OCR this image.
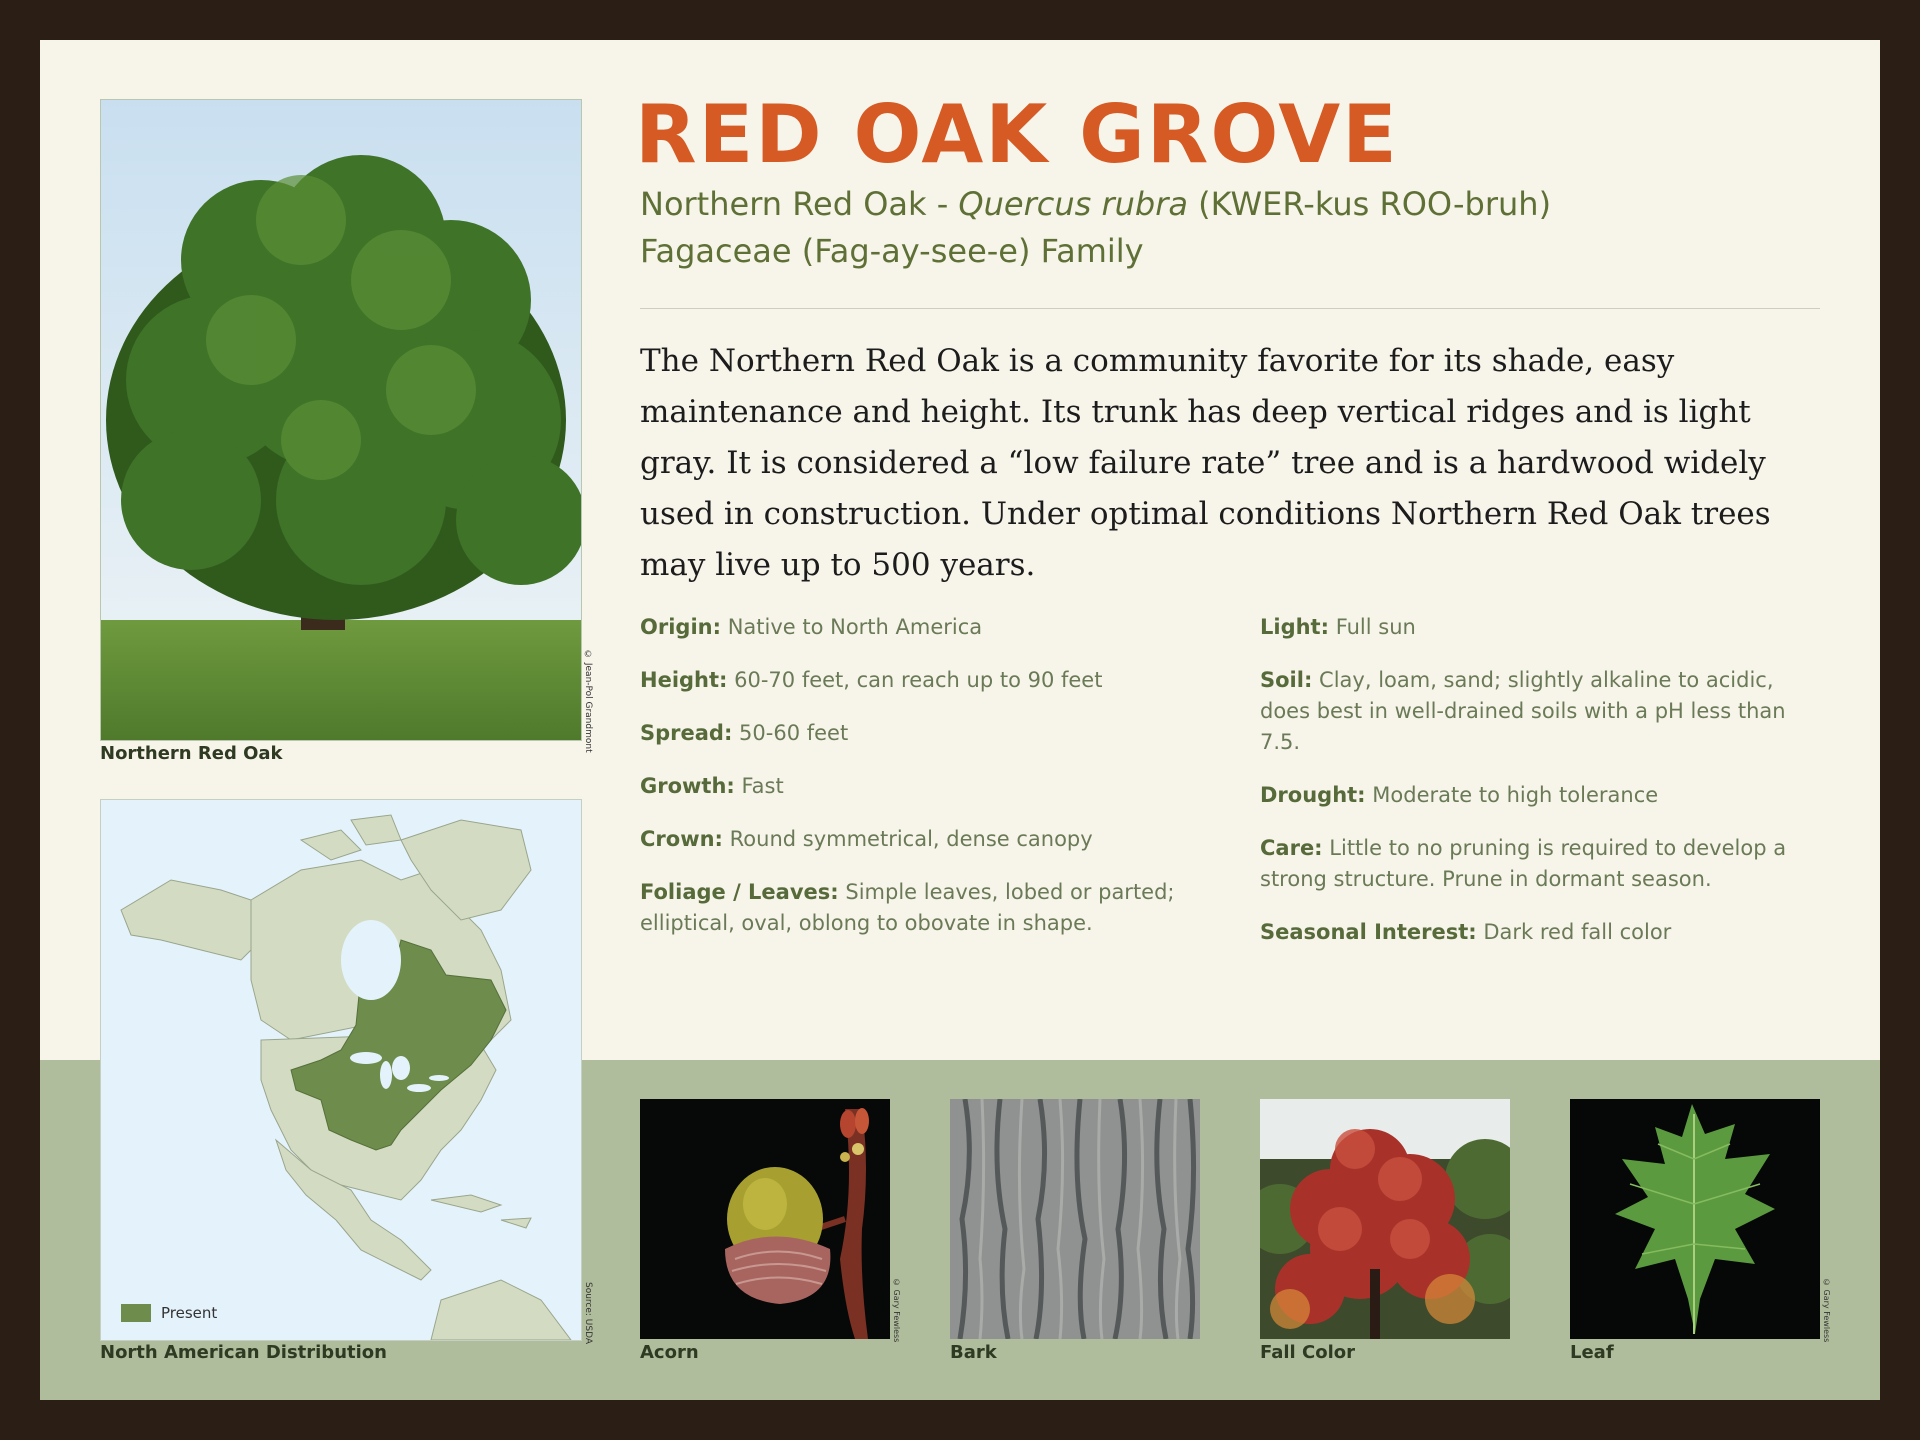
© Jean-Pol Grandmont
Northern Red Oak
Present	Source: USDA
North American Distribution
RED OAK GROVE
Northern Red Oak - Quercus rubra (KWER-kus ROO-bruh)
Fagaceae (Fag-ay-see-e) Family
The Northern Red Oak is a community favorite for its shade, easy maintenance and height. Its trunk has deep vertical ridges and is light gray. It is considered a “low failure rate” tree and is a hardwood widely used in construction. Under optimal conditions Northern Red Oak trees may live up to 500 years.
Origin: Native to North America
Height: 60-70 feet, can reach up to 90 feet
Spread: 50-60 feet
Growth: Fast
Crown: Round symmetrical, dense canopy
Foliage / Leaves: Simple leaves, lobed or parted; elliptical, oval, oblong to obovate in shape.
Light: Full sun
Soil: Clay, loam, sand; slightly alkaline to acidic, does best in well-drained soils with a pH less than 7.5.
Drought: Moderate to high tolerance
Care: Little to no pruning is required to develop a strong structure. Prune in dormant season.
Seasonal Interest: Dark red fall color
© Gary Fewless
Acorn	Bark	Fall Color
© Gary Fewless
Leaf
